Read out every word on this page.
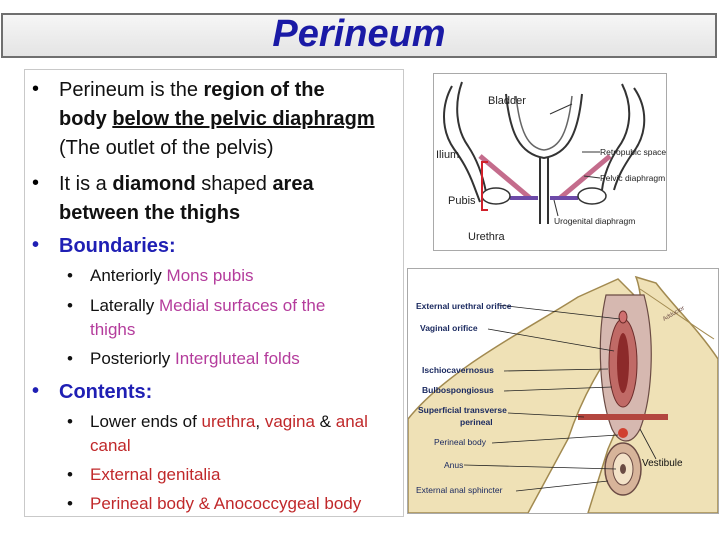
Perineum
• Perineum is the region of the
body below the pelvic diaphragm
(The outlet of the pelvis)
• It is a diamond shaped area
between the thighs
• Boundaries:
• Anteriorly Mons pubis
• Laterally Medial surfaces of the
thighs
• Posteriorly Intergluteal folds
• Contents:
• Lower ends of urethra, vagina & anal
canal
• External genitalia
• Perineal body & Anococcygeal body
Bladder
Ilium
Pubis
Urethra
Retropubic space
Pelvic diaphragm
Urogenital diaphragm
External urethral orifice
Vaginal orifice
Ischiocavernosus
Bulbospongiosus
Superficial transverse
perineal
Perineal body
Anus
External anal sphincter
Vestibule
Adductor
